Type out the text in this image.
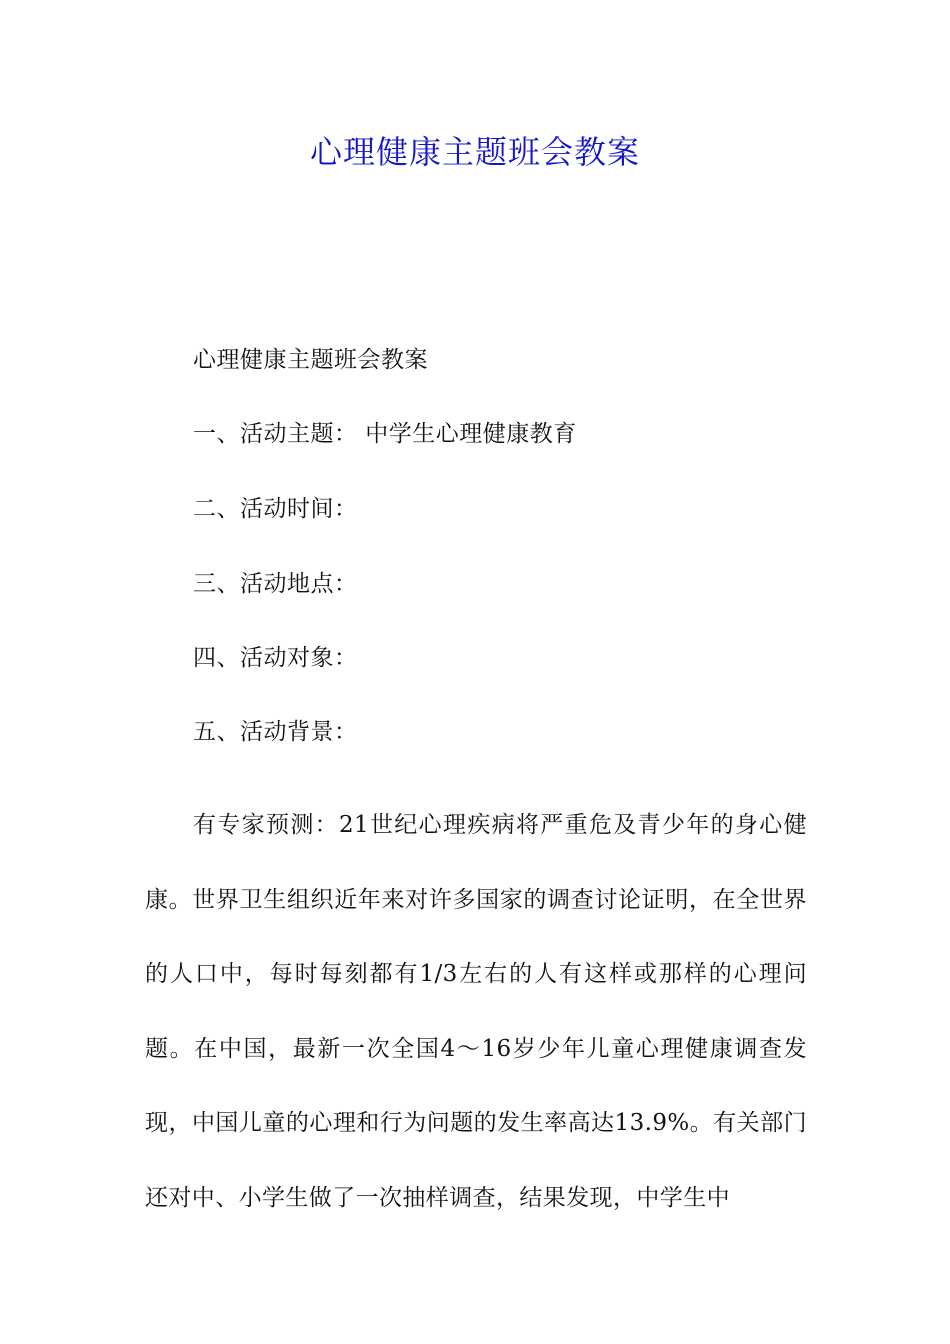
心理健康主题班会教案
心理健康主题班会教案
一、活动主题： 中学生心理健康教育
二、活动时间：
三、活动地点：
四、活动对象：
五、活动背景：

有专家预测：21世纪心理疾病将严重危及青少年的身心健康。世界卫生组织近年来对许多国家的调查讨论证明，在全世界的人口中，每时每刻都有1/3左右的人有这样或那样的心理问题。在中国，最新一次全国4～16岁少年儿童心理健康调查发现，中国儿童的心理和行为问题的发生率高达13.9%。有关部门还对中、小学生做了一次抽样调查，结果发现，中学生中
